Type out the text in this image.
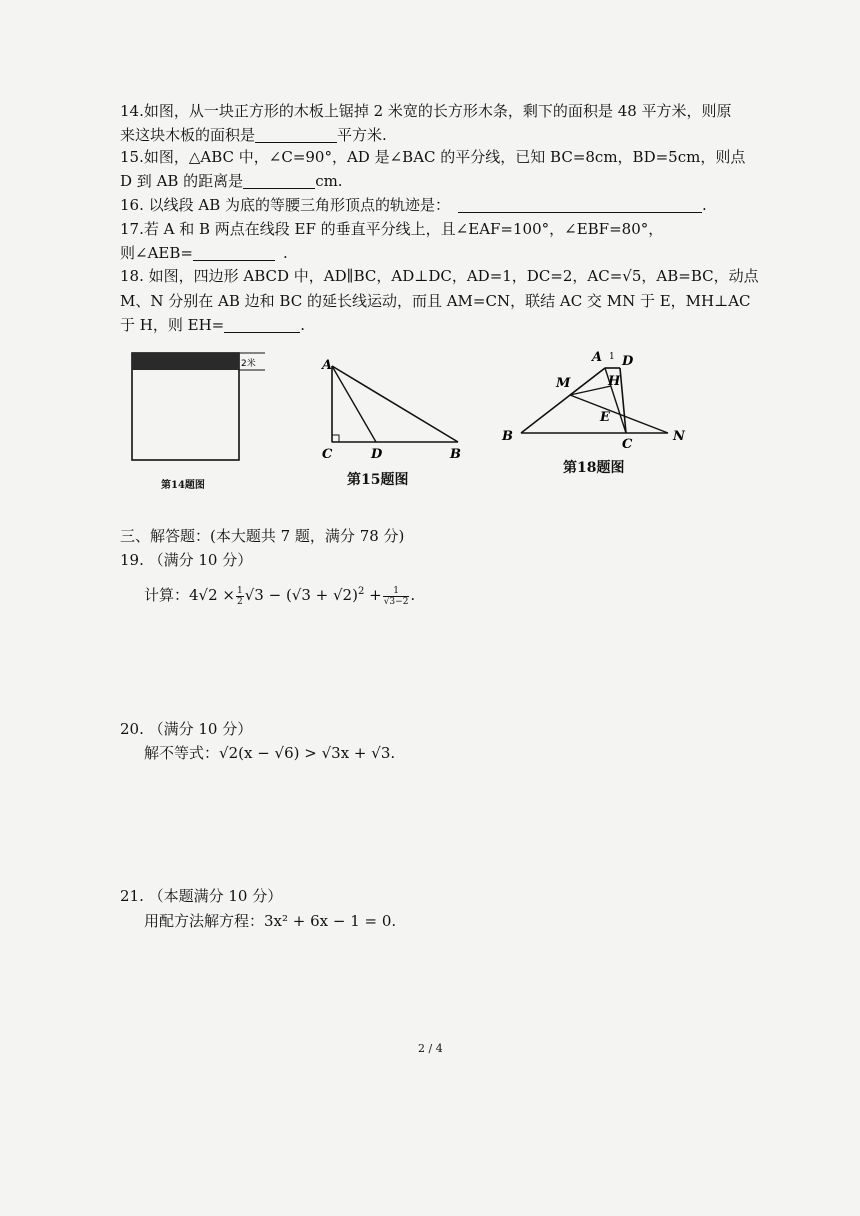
14.如图，从一块正方形的木板上锯掉 2 米宽的长方形木条，剩下的面积是 48 平方米，则原
来这块木板的面积是	平方米.
15.如图，△ABC 中，∠C=90°，AD 是∠BAC 的平分线，已知 BC=8cm，BD=5cm，则点
D 到 AB 的距离是	cm.
16. 以线段 AB 为底的等腰三角形顶点的轨迹是：	.
17.若 A 和 B 两点在线段 EF 的垂直平分线上，且∠EAF=100°，∠EBF=80°，
则∠AEB=	.
18. 如图，四边形 ABCD 中，AD∥BC，AD⊥DC，AD=1，DC=2，AC=√5，AB=BC，动点
M、N 分别在 AB 边和 BC 的延长线运动，而且 AM=CN，联结 AC 交 MN 于 E，MH⊥AC
于 H，则 EH=	.
2米
第14题图
A
C	D	B
第15题图
A 1 D
M	H
E
B
C
N
第18题图
三、解答题：(本大题共 7 题，满分 78 分)
19. （满分 10 分）
计算：$4√2 \times \frac{1}{2} √3 - (√3 + √2)^2 + \frac{1}{√3-2}$ .
20. （满分 10 分）
解不等式：√2(x − √6) > √3x + √3.
21. （本题满分 10 分）
用配方法解方程：3x² + 6x − 1 = 0.
2 / 4
